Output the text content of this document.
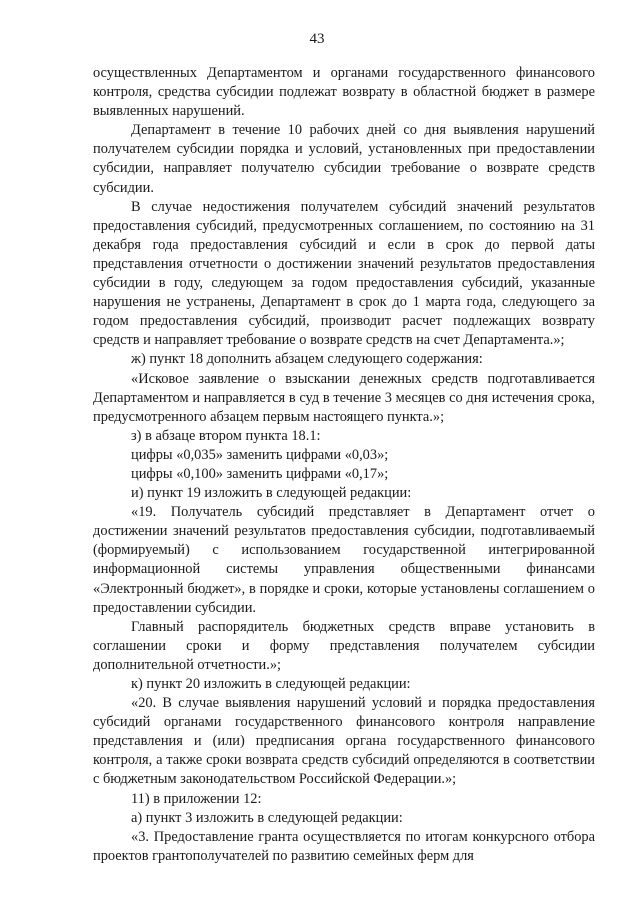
43

осуществленных Департаментом и органами государственного финансового контроля, средства субсидии подлежат возврату в областной бюджет в размере выявленных нарушений.

Департамент в течение 10 рабочих дней со дня выявления нарушений получателем субсидии порядка и условий, установленных при предоставлении субсидии, направляет получателю субсидии требование о возврате средств субсидии.

В случае недостижения получателем субсидий значений результатов предоставления субсидий, предусмотренных соглашением, по состоянию на 31 декабря года предоставления субсидий и если в срок до первой даты представления отчетности о достижении значений результатов предоставления субсидии в году, следующем за годом предоставления субсидий, указанные нарушения не устранены, Департамент в срок до 1 марта года, следующего за годом предоставления субсидий, производит расчет подлежащих возврату средств и направляет требование о возврате средств на счет Департамента.»;

ж) пункт 18 дополнить абзацем следующего содержания:

«Исковое заявление о взыскании денежных средств подготавливается Департаментом и направляется в суд в течение 3 месяцев со дня истечения срока, предусмотренного абзацем первым настоящего пункта.»;

з) в абзаце втором пункта 18.1:

цифры «0,035» заменить цифрами «0,03»;

цифры «0,100» заменить цифрами «0,17»;

и) пункт 19 изложить в следующей редакции:

«19. Получатель субсидий представляет в Департамент отчет о достижении значений результатов предоставления субсидии, подготавливаемый (формируемый) с использованием государственной интегрированной информационной системы управления общественными финансами «Электронный бюджет», в порядке и сроки, которые установлены соглашением о предоставлении субсидии.

Главный распорядитель бюджетных средств вправе установить в соглашении сроки и форму представления получателем субсидии дополнительной отчетности.»;

к) пункт 20 изложить в следующей редакции:

«20. В случае выявления нарушений условий и порядка предоставления субсидий органами государственного финансового контроля направление представления и (или) предписания органа государственного финансового контроля, а также сроки возврата средств субсидий определяются в соответствии с бюджетным законодательством Российской Федерации.»;

11) в приложении 12:

а) пункт 3 изложить в следующей редакции:

«3. Предоставление гранта осуществляется по итогам конкурсного отбора проектов грантополучателей по развитию семейных ферм для
